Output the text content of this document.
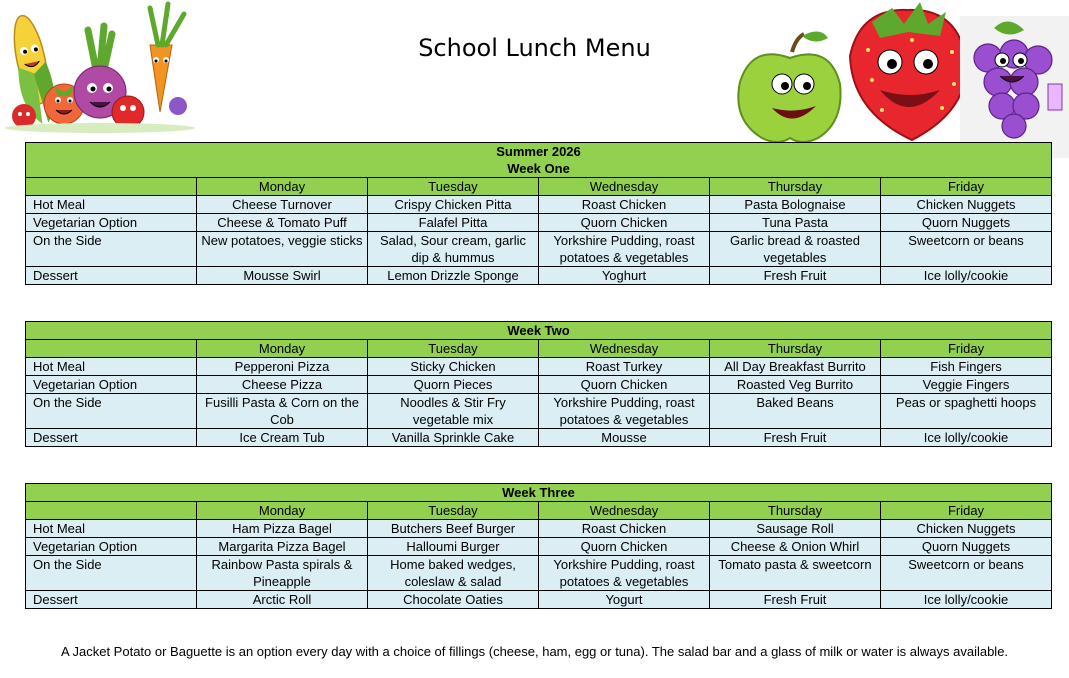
School Lunch Menu
Summer 2026					
Week One					
	Monday	Tuesday	Wednesday	Thursday	Friday
Hot Meal	Cheese Turnover	Crispy Chicken Pitta	Roast Chicken	Pasta Bolognaise	Chicken Nuggets
Vegetarian Option	Cheese & Tomato Puff	Falafel Pitta	Quorn Chicken	Tuna Pasta	Quorn Nuggets
On the Side	New potatoes, veggie sticks	Salad, Sour cream, garlic dip & hummus	Yorkshire Pudding, roast potatoes & vegetables	Garlic bread & roasted vegetables	Sweetcorn or beans
Dessert	Mousse Swirl	Lemon Drizzle Sponge	Yoghurt	Fresh Fruit	Ice lolly/cookie
Week Two					
	Monday	Tuesday	Wednesday	Thursday	Friday
Hot Meal	Pepperoni Pizza	Sticky Chicken	Roast Turkey	All Day Breakfast Burrito	Fish Fingers
Vegetarian Option	Cheese Pizza	Quorn Pieces	Quorn Chicken	Roasted Veg Burrito	Veggie Fingers
On the Side	Fusilli Pasta & Corn on the Cob	Noodles & Stir Fry vegetable mix	Yorkshire Pudding, roast potatoes & vegetables	Baked Beans	Peas or spaghetti hoops
Dessert	Ice Cream Tub	Vanilla Sprinkle Cake	Mousse	Fresh Fruit	Ice lolly/cookie
Week Three					
	Monday	Tuesday	Wednesday	Thursday	Friday
Hot Meal	Ham Pizza Bagel	Butchers Beef Burger	Roast Chicken	Sausage Roll	Chicken Nuggets
Vegetarian Option	Margarita Pizza Bagel	Halloumi Burger	Quorn Chicken	Cheese & Onion Whirl	Quorn Nuggets
On the Side	Rainbow Pasta spirals & Pineapple	Home baked wedges, coleslaw & salad	Yorkshire Pudding, roast potatoes & vegetables	Tomato pasta & sweetcorn	Sweetcorn or beans
Dessert	Arctic Roll	Chocolate Oaties	Yogurt	Fresh Fruit	Ice lolly/cookie
A Jacket Potato or Baguette is an option every day with a choice of fillings (cheese, ham, egg or tuna). The salad bar and a glass of milk or water is always available.
